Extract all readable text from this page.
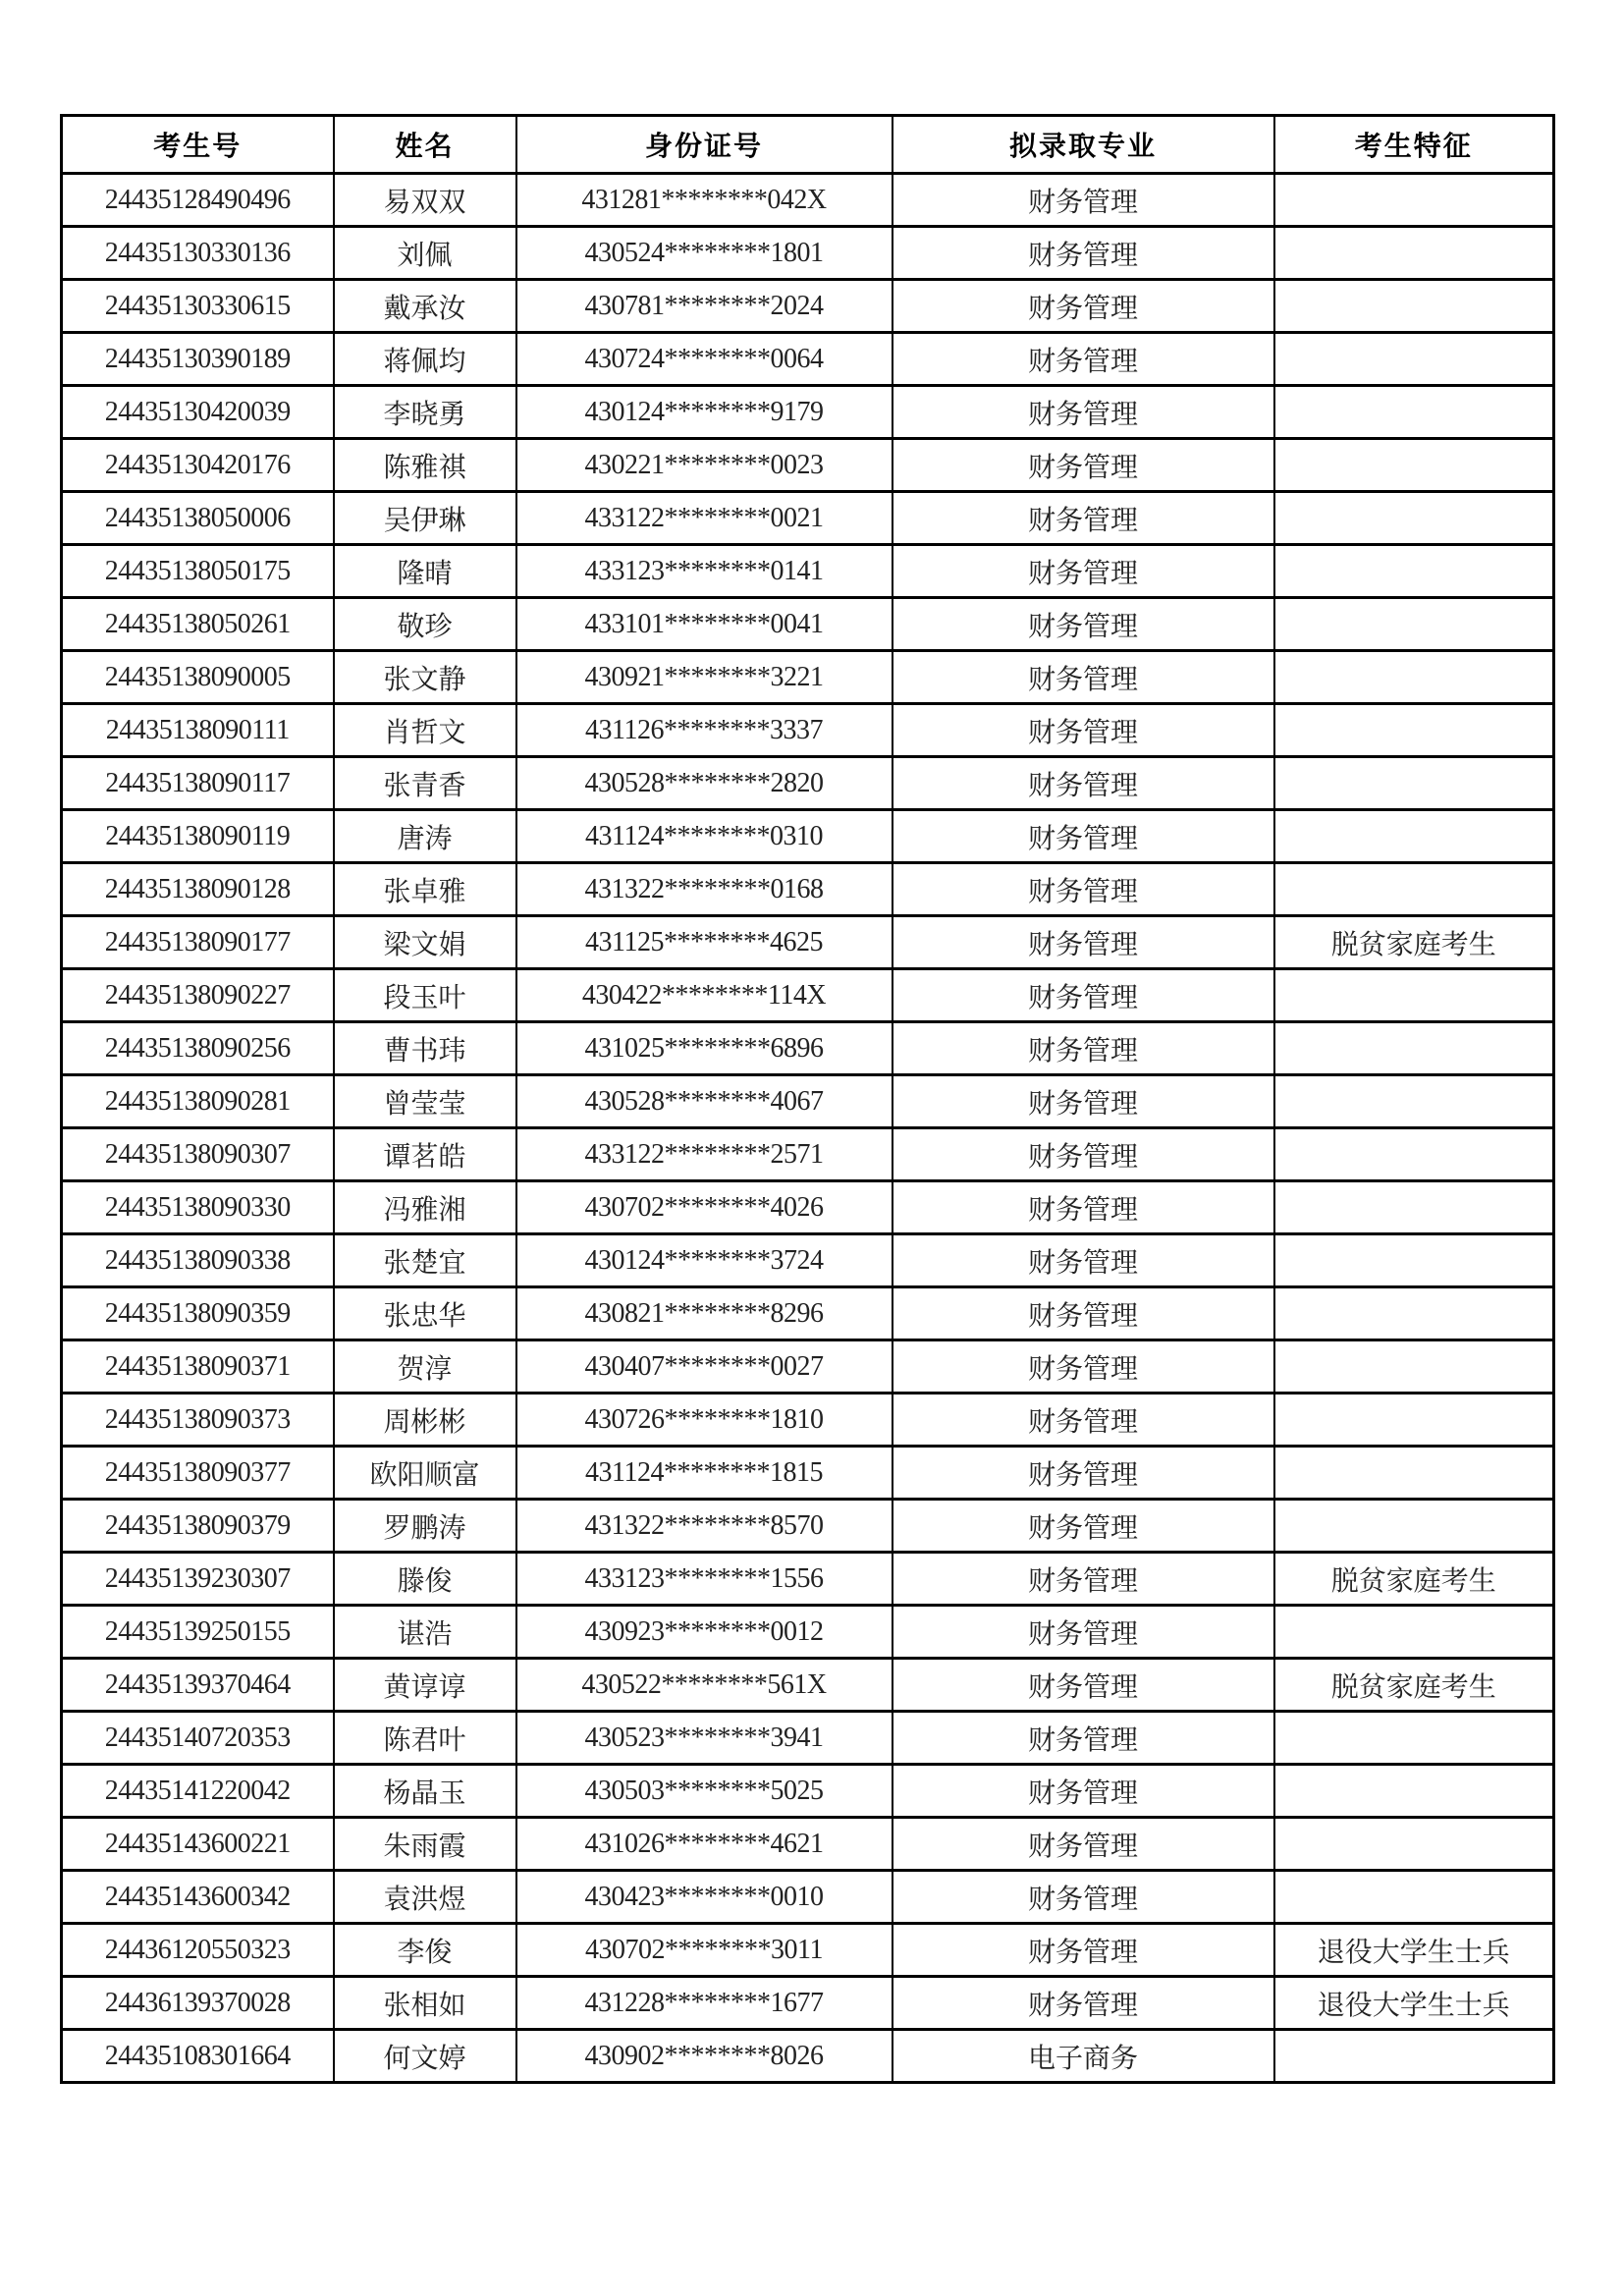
考生号	姓名	身份证号	拟录取专业	考生特征
24435128490496	易双双	431281********042X	财务管理	
24435130330136	刘佩	430524********1801	财务管理	
24435130330615	戴承汝	430781********2024	财务管理	
24435130390189	蒋佩均	430724********0064	财务管理	
24435130420039	李晓勇	430124********9179	财务管理	
24435130420176	陈雅祺	430221********0023	财务管理	
24435138050006	吴伊琳	433122********0021	财务管理	
24435138050175	隆晴	433123********0141	财务管理	
24435138050261	敬珍	433101********0041	财务管理	
24435138090005	张文静	430921********3221	财务管理	
24435138090111	肖哲文	431126********3337	财务管理	
24435138090117	张青香	430528********2820	财务管理	
24435138090119	唐涛	431124********0310	财务管理	
24435138090128	张卓雅	431322********0168	财务管理	
24435138090177	梁文娟	431125********4625	财务管理	脱贫家庭考生
24435138090227	段玉叶	430422********114X	财务管理	
24435138090256	曹书玮	431025********6896	财务管理	
24435138090281	曾莹莹	430528********4067	财务管理	
24435138090307	谭茗皓	433122********2571	财务管理	
24435138090330	冯雅湘	430702********4026	财务管理	
24435138090338	张楚宜	430124********3724	财务管理	
24435138090359	张忠华	430821********8296	财务管理	
24435138090371	贺淳	430407********0027	财务管理	
24435138090373	周彬彬	430726********1810	财务管理	
24435138090377	欧阳顺富	431124********1815	财务管理	
24435138090379	罗鹏涛	431322********8570	财务管理	
24435139230307	滕俊	433123********1556	财务管理	脱贫家庭考生
24435139250155	谌浩	430923********0012	财务管理	
24435139370464	黄谆谆	430522********561X	财务管理	脱贫家庭考生
24435140720353	陈君叶	430523********3941	财务管理	
24435141220042	杨晶玉	430503********5025	财务管理	
24435143600221	朱雨霞	431026********4621	财务管理	
24435143600342	袁洪煜	430423********0010	财务管理	
24436120550323	李俊	430702********3011	财务管理	退役大学生士兵
24436139370028	张相如	431228********1677	财务管理	退役大学生士兵
24435108301664	何文婷	430902********8026	电子商务	
